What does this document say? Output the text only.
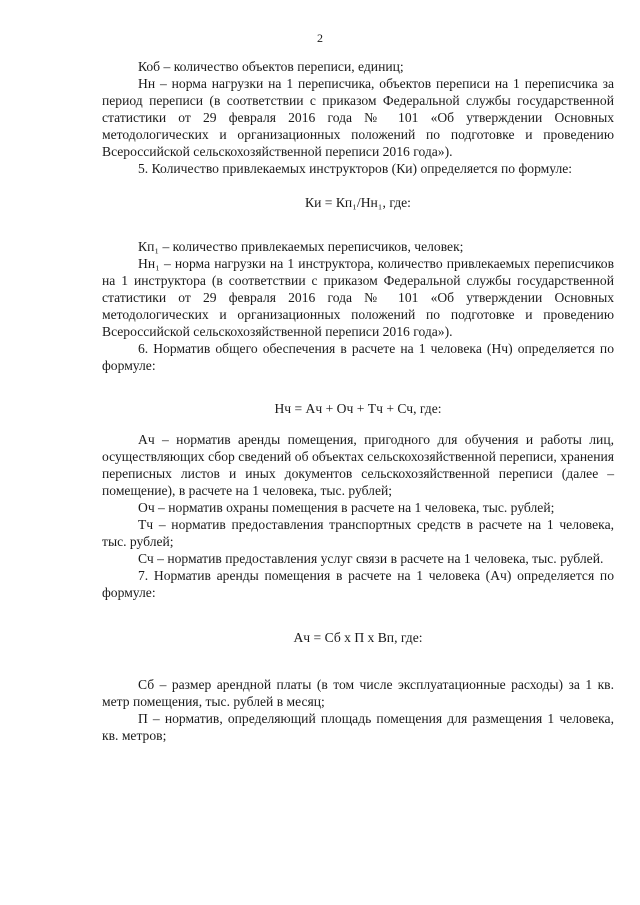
2

Коб – количество объектов переписи, единиц;

Нн – норма нагрузки на 1 переписчика, объектов переписи на 1 переписчика за период переписи (в соответствии с приказом Федеральной службы государственной статистики от 29 февраля 2016 года № 101 «Об утверждении Основных методологических и организационных положений по подготовке и проведению Всероссийской сельскохозяйственной переписи 2016 года»).

5. Количество привлекаемых инструкторов (Ки) определяется по формуле:

Ки = Кп₁/Нн₁, где:

Кп₁ – количество привлекаемых переписчиков, человек;

Нн₁ – норма нагрузки на 1 инструктора, количество привлекаемых переписчиков на 1 инструктора (в соответствии с приказом Федеральной службы государственной статистики от 29 февраля 2016 года № 101 «Об утверждении Основных методологических и организационных положений по подготовке и проведению Всероссийской сельскохозяйственной переписи 2016 года»).

6. Норматив общего обеспечения в расчете на 1 человека (Нч) определяется по формуле:

Нч = Ач + Оч + Тч + Сч, где:

Ач – норматив аренды помещения, пригодного для обучения и работы лиц, осуществляющих сбор сведений об объектах сельскохозяйственной переписи, хранения переписных листов и иных документов сельскохозяйственной переписи (далее – помещение), в расчете на 1 человека, тыс. рублей;

Оч – норматив охраны помещения в расчете на 1 человека, тыс. рублей;

Тч – норматив предоставления транспортных средств в расчете на 1 человека, тыс. рублей;

Сч – норматив предоставления услуг связи в расчете на 1 человека, тыс. рублей.

7. Норматив аренды помещения в расчете на 1 человека (Ач) определяется по формуле:

Ач = Сб х П х Вп, где:

Сб – размер арендной платы (в том числе эксплуатационные расходы) за 1 кв. метр помещения, тыс. рублей в месяц;

П – норматив, определяющий площадь помещения для размещения 1 человека, кв. метров;
